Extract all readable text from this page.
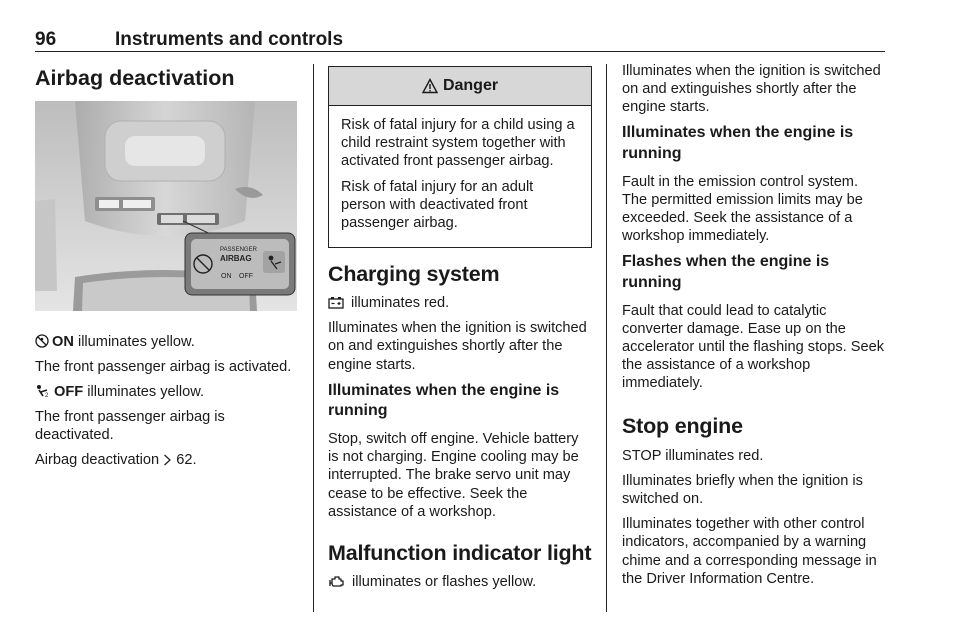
96	Instruments and controls
Airbag deactivation
PASSENGER
AIRBAG
ON OFF

ON illuminates yellow.

The front passenger airbag is activated.

2 OFF illuminates yellow.

The front passenger airbag is deactivated.

Airbag deactivation  62.

Danger

Risk of fatal injury for a child using a child restraint system together with activated front passenger airbag.

Risk of fatal injury for an adult person with deactivated front passenger airbag.

Charging system

illuminates red.

Illuminates when the ignition is switched on and extinguishes shortly after the engine starts.

Illuminates when the engine is running

Stop, switch off engine. Vehicle battery is not charging. Engine cooling may be interrupted. The brake servo unit may cease to be effective. Seek the assistance of a workshop.

Malfunction indicator light

illuminates or flashes yellow.

Illuminates when the ignition is switched on and extinguishes shortly after the engine starts.

Illuminates when the engine is running

Fault in the emission control system. The permitted emission limits may be exceeded. Seek the assistance of a workshop immediately.

Flashes when the engine is running

Fault that could lead to catalytic converter damage. Ease up on the accelerator until the flashing stops. Seek the assistance of a workshop immediately.

Stop engine

STOP illuminates red.

Illuminates briefly when the ignition is switched on.

Illuminates together with other control indicators, accompanied by a warning chime and a corresponding message in the Driver Information Centre.
